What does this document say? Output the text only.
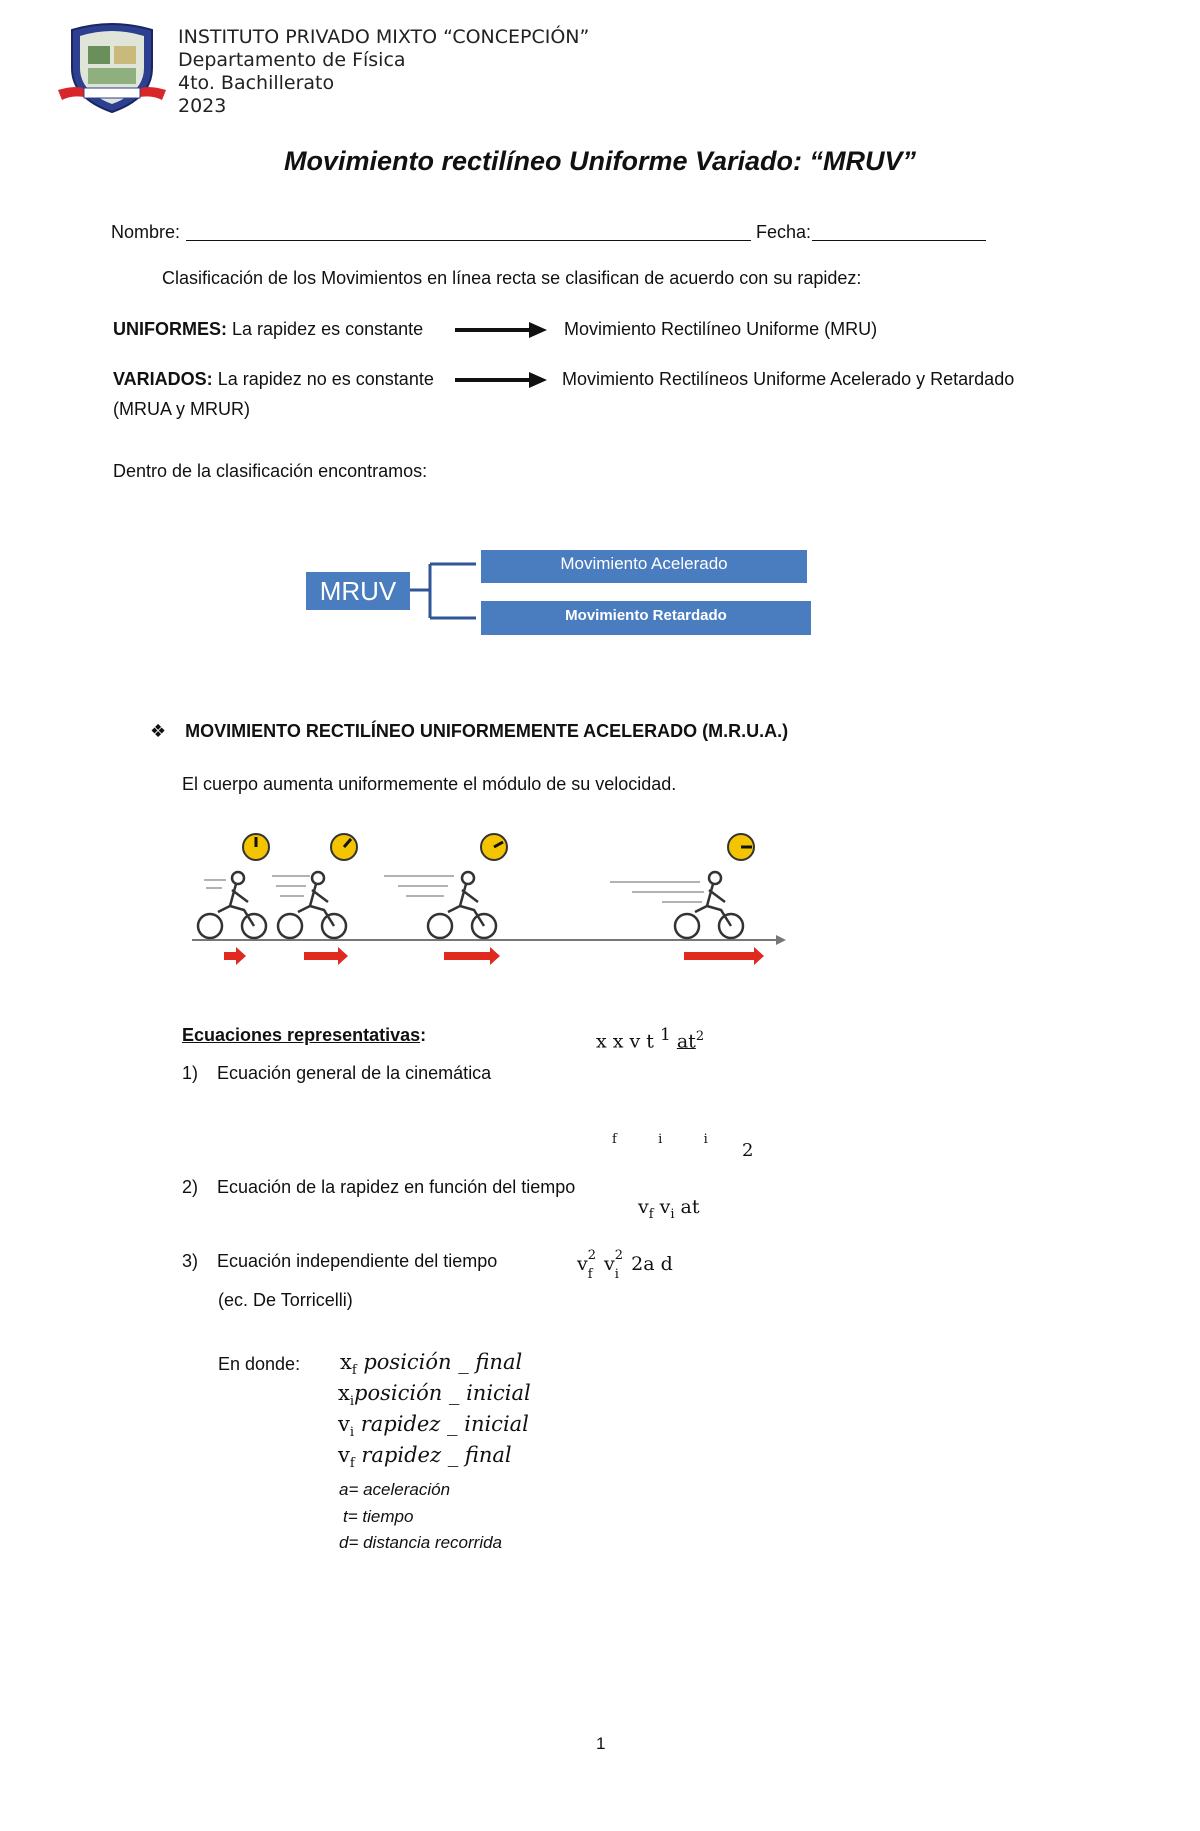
INSTITUTO PRIVADO MIXTO “CONCEPCIÓN”
Departamento de Física
4to. Bachillerato
2023
Movimiento rectilíneo Uniforme Variado: “MRUV”
Nombre:	Fecha:
Clasificación de los Movimientos en línea recta se clasifican de acuerdo con su rapidez:
UNIFORMES: La rapidez es constante	Movimiento Rectilíneo Uniforme (MRU)
VARIADOS: La rapidez no es constante	Movimiento Rectilíneos Uniforme Acelerado y Retardado
(MRUA y MRUR)
Dentro de la clasificación encontramos:
MRUV
Movimiento Acelerado
Movimiento Retardado
❖ MOVIMIENTO RECTILÍNEO UNIFORMEMENTE ACELERADO (M.R.U.A.)
El cuerpo aumenta uniformemente el módulo de su velocidad.
Ecuaciones representativas:
1) Ecuación general de la cinemática
2) Ecuación de la rapidez en función del tiempo
3) Ecuación independiente del tiempo
(ec. De Torricelli)
x x v t $^1$ $at^2$
f          i          i
2
$v_f$ $v_i$ at
v 2
f v 2
i 2a d
En donde: $x_f$ posición _ final
$x_iposición$ _ inicial
$v_i$ rapidez _ inicial
$v_f$ rapidez _ final
a= aceleración
t= tiempo
d= distancia recorrida
1
